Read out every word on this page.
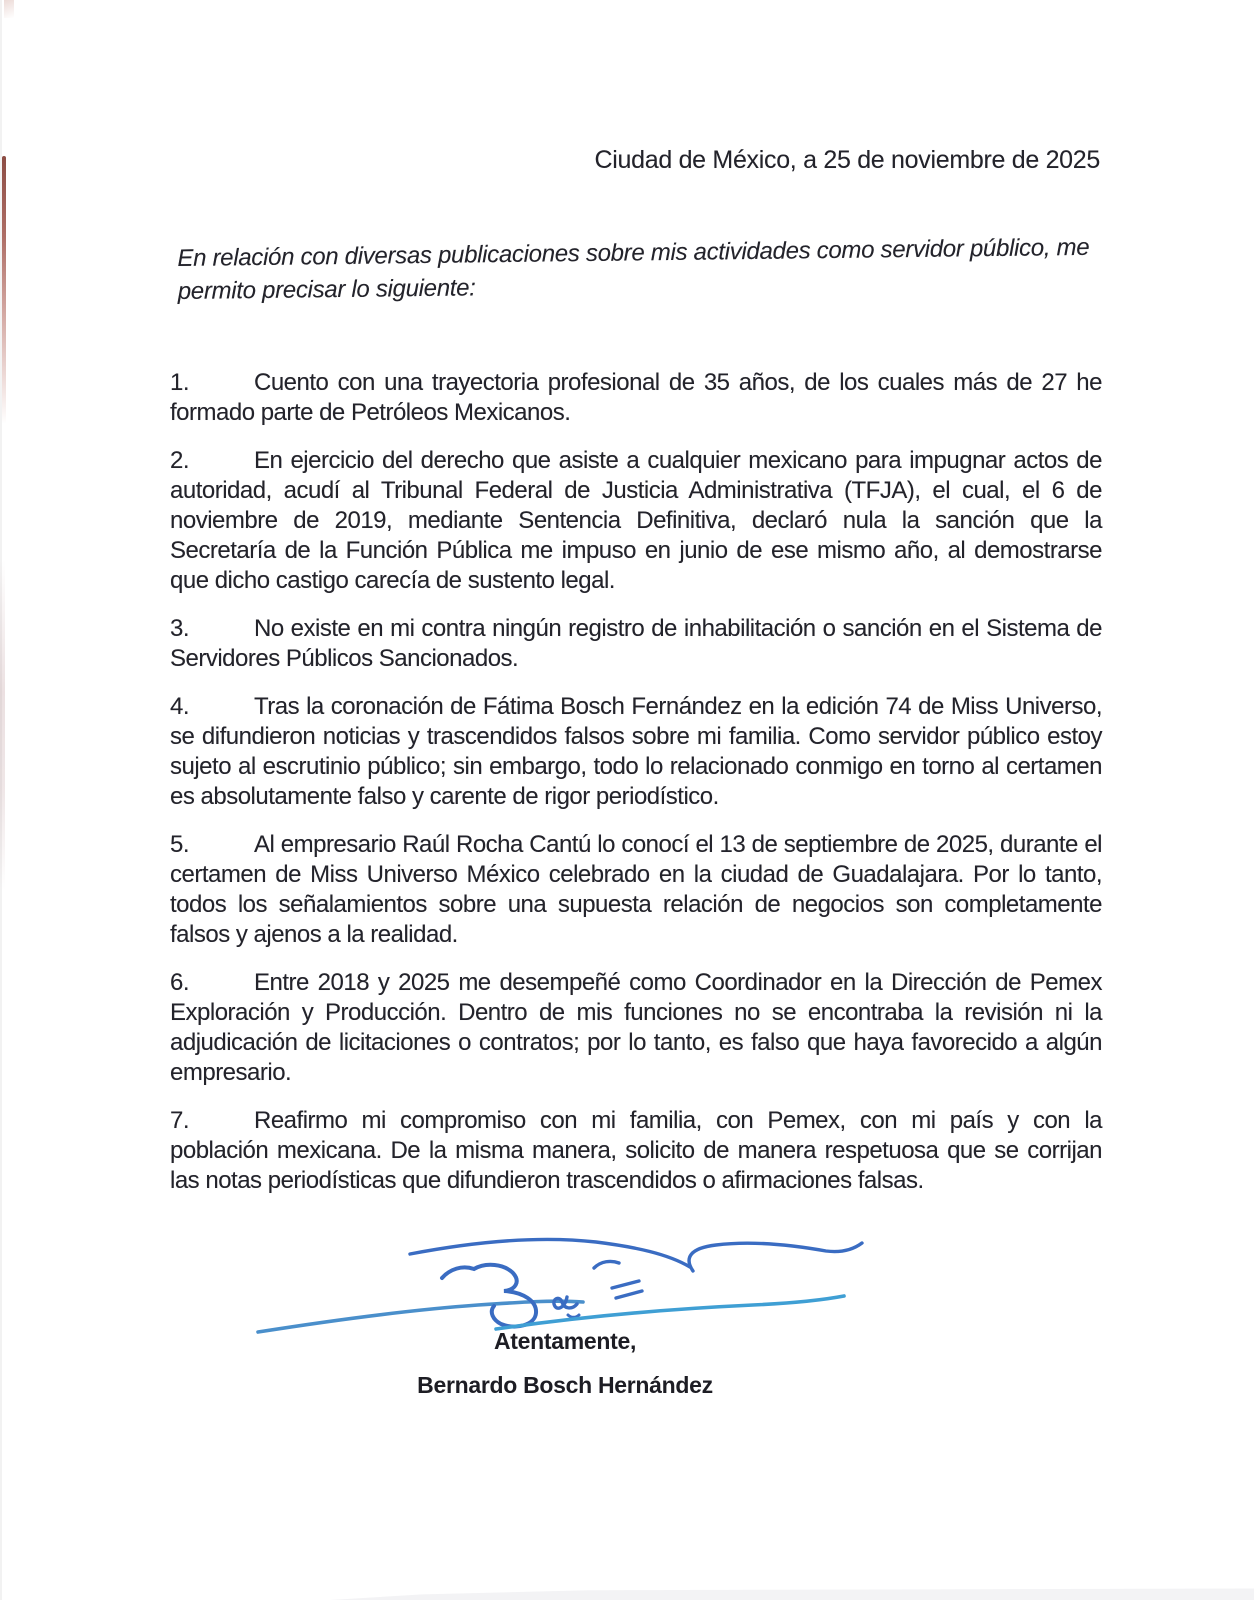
Ciudad de México, a 25 de noviembre de 2025
En relación con diversas publicaciones sobre mis actividades como servidor público, me permito precisar lo siguiente:

1.	Cuento con una trayectoria profesional de 35 años, de los cuales más de 27 he formado parte de Petróleos Mexicanos.

2.	En ejercicio del derecho que asiste a cualquier mexicano para impugnar actos de autoridad, acudí al Tribunal Federal de Justicia Administrativa (TFJA), el cual, el 6 de noviembre de 2019, mediante Sentencia Definitiva, declaró nula la sanción que la Secretaría de la Función Pública me impuso en junio de ese mismo año, al demostrarse que dicho castigo carecía de sustento legal.

3.	No existe en mi contra ningún registro de inhabilitación o sanción en el Sistema de Servidores Públicos Sancionados.

4.	Tras la coronación de Fátima Bosch Fernández en la edición 74 de Miss Universo, se difundieron noticias y trascendidos falsos sobre mi familia. Como servidor público estoy sujeto al escrutinio público; sin embargo, todo lo relacionado conmigo en torno al certamen es absolutamente falso y carente de rigor periodístico.

5.	Al empresario Raúl Rocha Cantú lo conocí el 13 de septiembre de 2025, durante el certamen de Miss Universo México celebrado en la ciudad de Guadalajara. Por lo tanto, todos los señalamientos sobre una supuesta relación de negocios son completamente falsos y ajenos a la realidad.

6.	Entre 2018 y 2025 me desempeñé como Coordinador en la Dirección de Pemex Exploración y Producción. Dentro de mis funciones no se encontraba la revisión ni la adjudicación de licitaciones o contratos; por lo tanto, es falso que haya favorecido a algún empresario.

7.	Reafirmo mi compromiso con mi familia, con Pemex, con mi país y con la población mexicana. De la misma manera, solicito de manera respetuosa que se corrijan las notas periodísticas que difundieron trascendidos o afirmaciones falsas.

Atentamente,
Bernardo Bosch Hernández
